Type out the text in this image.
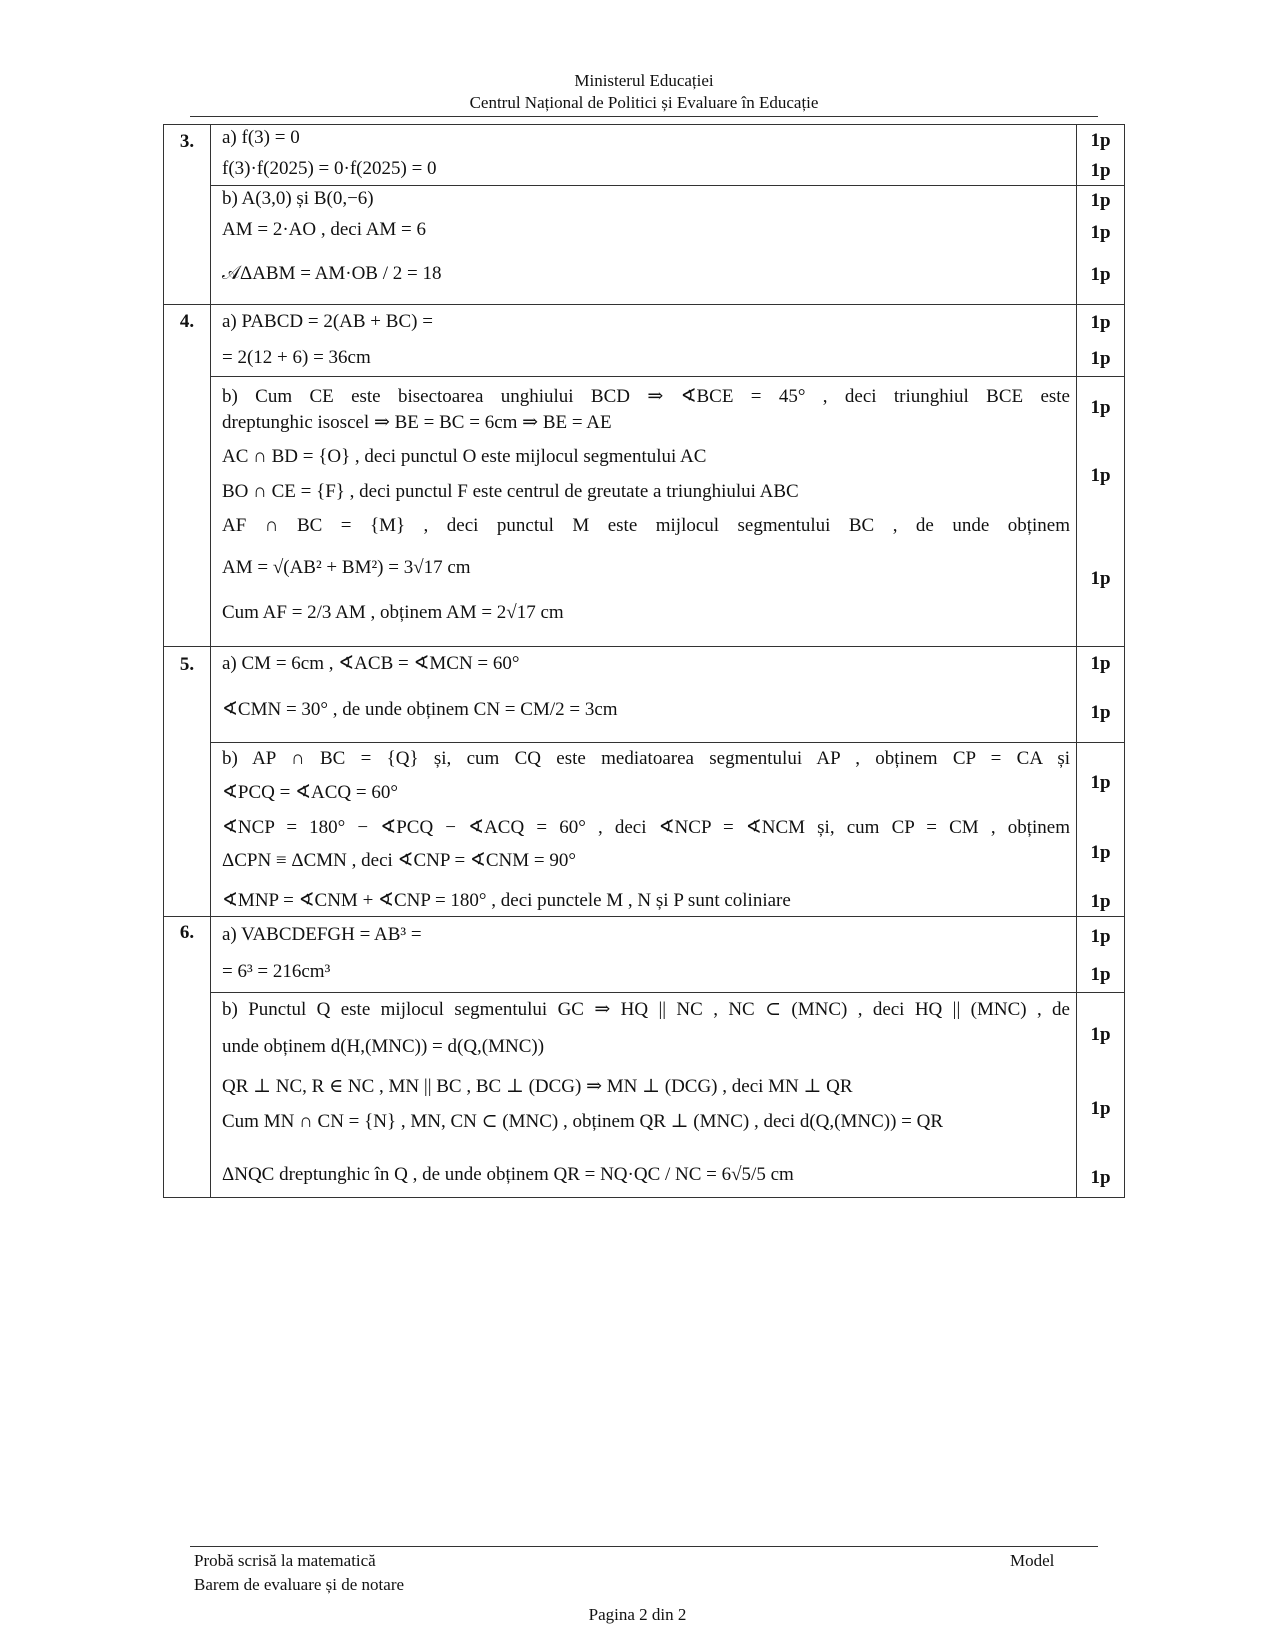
Ministerul Educației
Centrul Național de Politici și Evaluare în Educație
3.
4.
5.
6.
a) f(3) = 0
f(3)·f(2025) = 0·f(2025) = 0
b) A(3,0) și B(0,−6)
AM = 2·AO , deci AM = 6
𝒜ΔABM = AM·OB / 2 = 18
a) PABCD = 2(AB + BC) =
= 2(12 + 6) = 36cm
b) Cum CE este bisectoarea unghiului BCD ⇒ ∢BCE = 45° , deci triunghiul BCE este
dreptunghic isoscel ⇒ BE = BC = 6cm ⇒ BE = AE
AC ∩ BD = {O} , deci punctul O este mijlocul segmentului AC
BO ∩ CE = {F} , deci punctul F este centrul de greutate a triunghiului ABC
AF ∩ BC = {M} , deci punctul M este mijlocul segmentului BC , de unde obținem
AM = √(AB² + BM²) = 3√17 cm
Cum AF = 2/3 AM , obținem AM = 2√17 cm
a) CM = 6cm , ∢ACB = ∢MCN = 60°
∢CMN = 30° , de unde obținem CN = CM/2 = 3cm
b) AP ∩ BC = {Q} și, cum CQ este mediatoarea segmentului AP , obținem CP = CA și
∢PCQ = ∢ACQ = 60°
∢NCP = 180° − ∢PCQ − ∢ACQ = 60° , deci ∢NCP = ∢NCM și, cum CP = CM , obținem
ΔCPN ≡ ΔCMN , deci ∢CNP = ∢CNM = 90°
∢MNP = ∢CNM + ∢CNP = 180° , deci punctele M , N și P sunt coliniare
a) VABCDEFGH = AB³ =
= 6³ = 216cm³
b) Punctul Q este mijlocul segmentului GC ⇒ HQ || NC , NC ⊂ (MNC) , deci HQ || (MNC) , de
unde obținem d(H,(MNC)) = d(Q,(MNC))
QR ⊥ NC, R ∈ NC , MN || BC , BC ⊥ (DCG) ⇒ MN ⊥ (DCG) , deci MN ⊥ QR
Cum MN ∩ CN = {N} , MN, CN ⊂ (MNC) , obținem QR ⊥ (MNC) , deci d(Q,(MNC)) = QR
ΔNQC dreptunghic în Q , de unde obținem QR = NQ·QC / NC = 6√5/5 cm
1p
1p
1p
1p
1p
1p
1p
1p
1p
1p
1p
1p
1p
1p
1p
1p
1p
1p
1p
1p
Probă scrisă la matematică
Barem de evaluare și de notare
Model
Pagina 2 din 2
